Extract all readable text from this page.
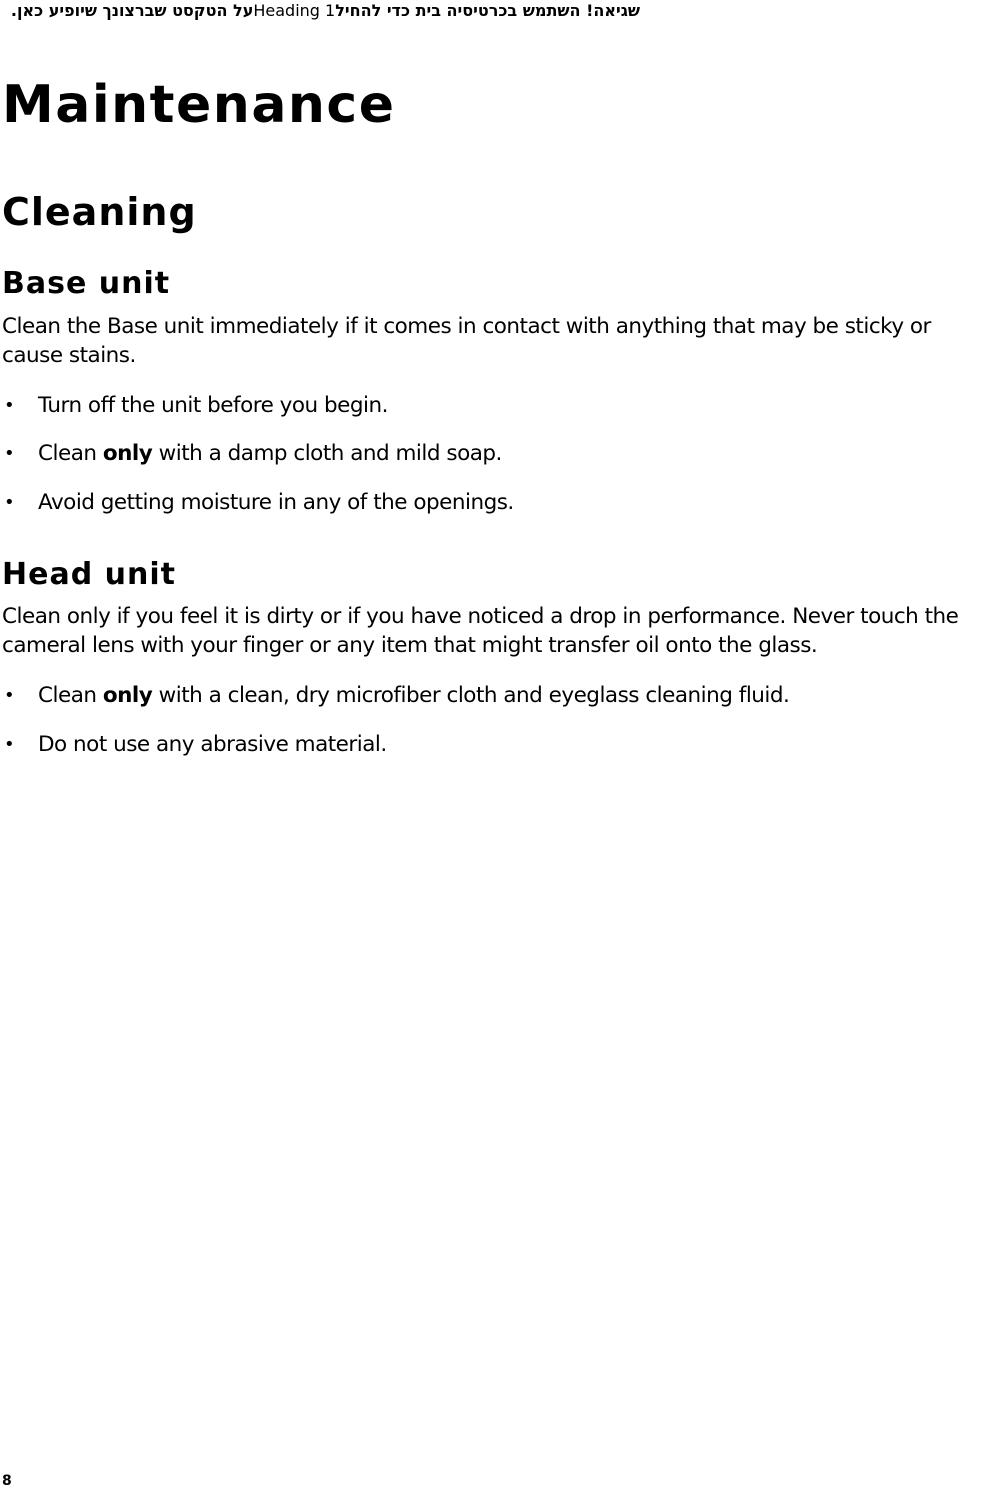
שגיאה! השתמש בכרטיסיה בית כדי להחילHeading 1על הטקסט שברצונך שיופיע כאן.
Maintenance
Cleaning
Base unit

Clean the Base unit immediately if it comes in contact with anything that may be sticky or cause stains.

• Turn off the unit before you begin.
• Clean only with a damp cloth and mild soap.
• Avoid getting moisture in any of the openings.
Head unit

Clean only if you feel it is dirty or if you have noticed a drop in performance. Never touch the cameral lens with your finger or any item that might transfer oil onto the glass.

• Clean only with a clean, dry microfiber cloth and eyeglass cleaning fluid.
• Do not use any abrasive material.
8
